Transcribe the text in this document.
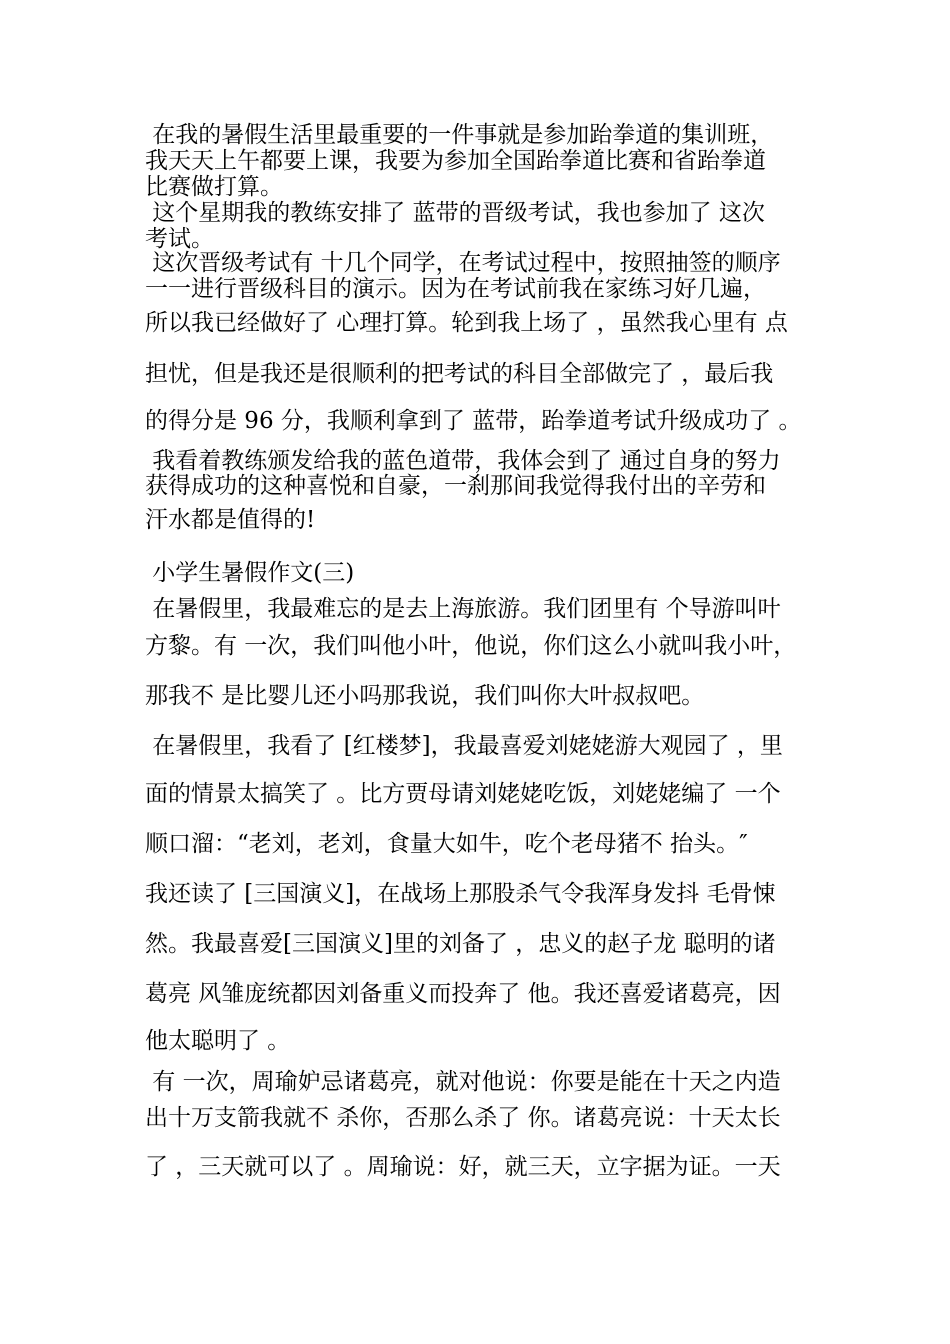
在我的暑假生活里最重要的一件事就是参加跆拳道的集训班，
我天天上午都要上课，我要为参加全国跆拳道比赛和省跆拳道
比赛做打算。
这个星期我的教练安排了 蓝带的晋级考试，我也参加了 这次
考试。
这次晋级考试有 十几个同学，在考试过程中，按照抽签的顺序
一一进行晋级科目的演示。因为在考试前我在家练习好几遍，
所以我已经做好了 心理打算。轮到我上场了 ，虽然我心里有 点
担忧，但是我还是很顺利的把考试的科目全部做完了 ，最后我
的得分是 96 分，我顺利拿到了 蓝带，跆拳道考试升级成功了 。
我看着教练颁发给我的蓝色道带，我体会到了 通过自身的努力
获得成功的这种喜悦和自豪，一刹那间我觉得我付出的辛劳和
汗水都是值得的!
小学生暑假作文(三)
在暑假里，我最难忘的是去上海旅游。我们团里有 个导游叫叶
方黎。有 一次，我们叫他小叶，他说，你们这么小就叫我小叶，
那我不 是比婴儿还小吗那我说，我们叫你大叶叔叔吧。
在暑假里，我看了 [红楼梦]，我最喜爱刘姥姥游大观园了 ，里
面的情景太搞笑了 。比方贾母请刘姥姥吃饭，刘姥姥编了 一个
顺口溜：“老刘，老刘，食量大如牛，吃个老母猪不 抬头。″
我还读了 [三国演义]，在战场上那股杀气令我浑身发抖 毛骨悚
然。我最喜爱[三国演义]里的刘备了 ，忠义的赵子龙 聪明的诸
葛亮 风雏庞统都因刘备重义而投奔了 他。我还喜爱诸葛亮，因
他太聪明了 。
有 一次，周瑜妒忌诸葛亮，就对他说：你要是能在十天之内造
出十万支箭我就不 杀你，否那么杀了 你。诸葛亮说：十天太长
了 ，三天就可以了 。周瑜说：好，就三天，立字据为证。一天
